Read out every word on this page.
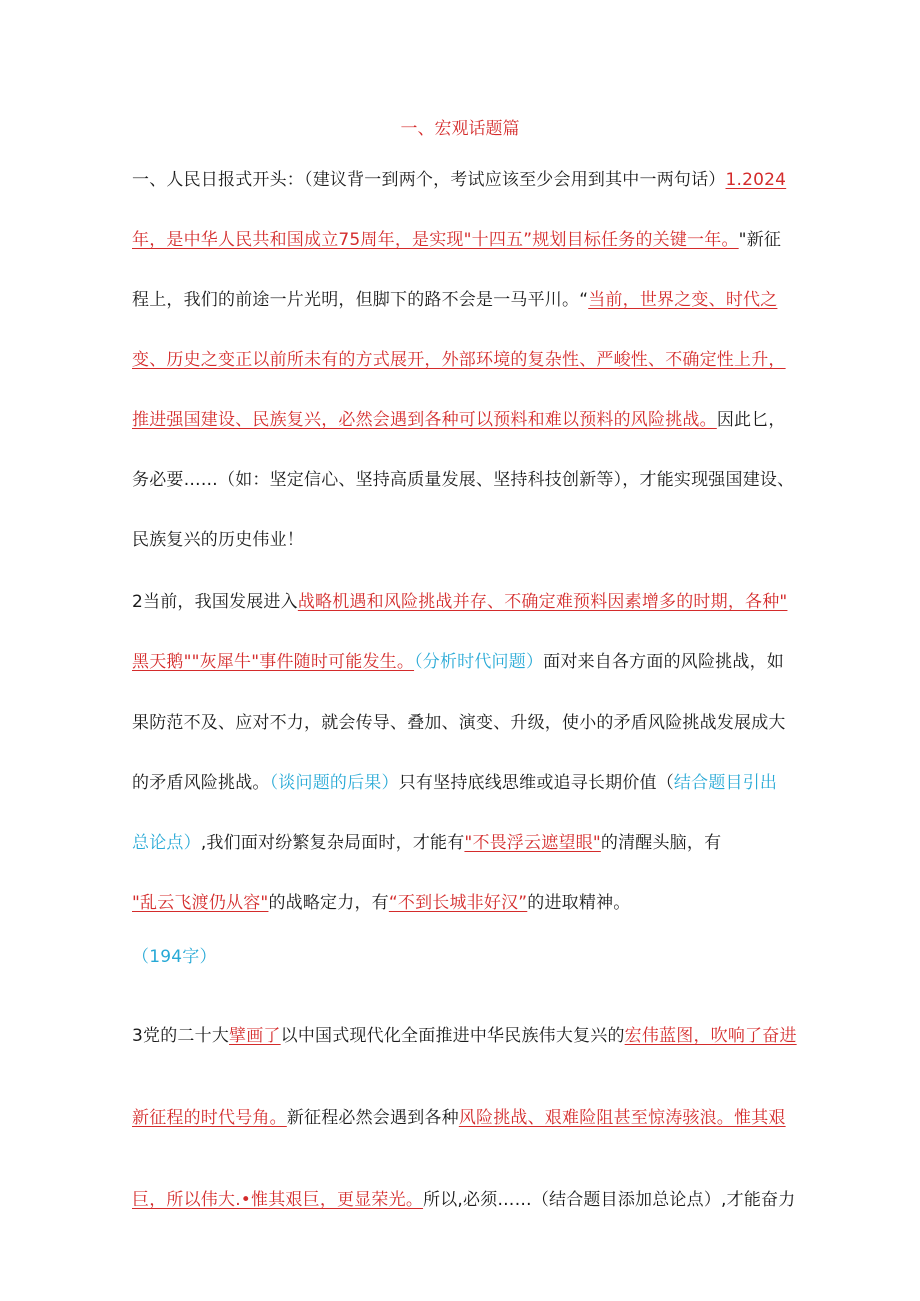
一、宏观话题篇
一、人民日报式开头：（建议背一到两个，考试应该至少会用到其中一两句话）1.2024
年，是中华人民共和国成立75周年，是实现"十四五”规划目标任务的关键一年。"新征
程上，我们的前途一片光明，但脚下的路不会是一马平川。“当前，世界之变、时代之
变、历史之变正以前所未有的方式展开，外部环境的复杂性、严峻性、不确定性上升，
推进强国建设、民族复兴，必然会遇到各种可以预料和难以预料的风险挑战。因此匕，
务必要……（如：坚定信心、坚持高质量发展、坚持科技创新等），才能实现强国建设、
民族复兴的历史伟业！
2当前，我国发展进入战略机遇和风险挑战并存、不确定难预料因素增多的时期，各种"
黑天鹅""灰犀牛"事件随时可能发生。（分析时代问题）面对来自各方面的风险挑战，如
果防范不及、应对不力，就会传导、叠加、演变、升级，使小的矛盾风险挑战发展成大
的矛盾风险挑战。（谈问题的后果）只有坚持底线思维或追寻长期价值（结合题目引出
总论点）,我们面对纷繁复杂局面时，才能有"不畏浮云遮望眼"的清醒头脑，有
"乱云飞渡仍从容"的战略定力，有“不到长城非好汉”的进取精神。
（194字）
3党的二十大擘画了以中国式现代化全面推进中华民族伟大复兴的宏伟蓝图，吹响了奋进
新征程的时代号角。新征程必然会遇到各种风险挑战、艰难险阻甚至惊涛骇浪。惟其艰
巨，所以伟大.•惟其艰巨，更显荣光。所以,必须……（结合题目添加总论点）,才能奋力
